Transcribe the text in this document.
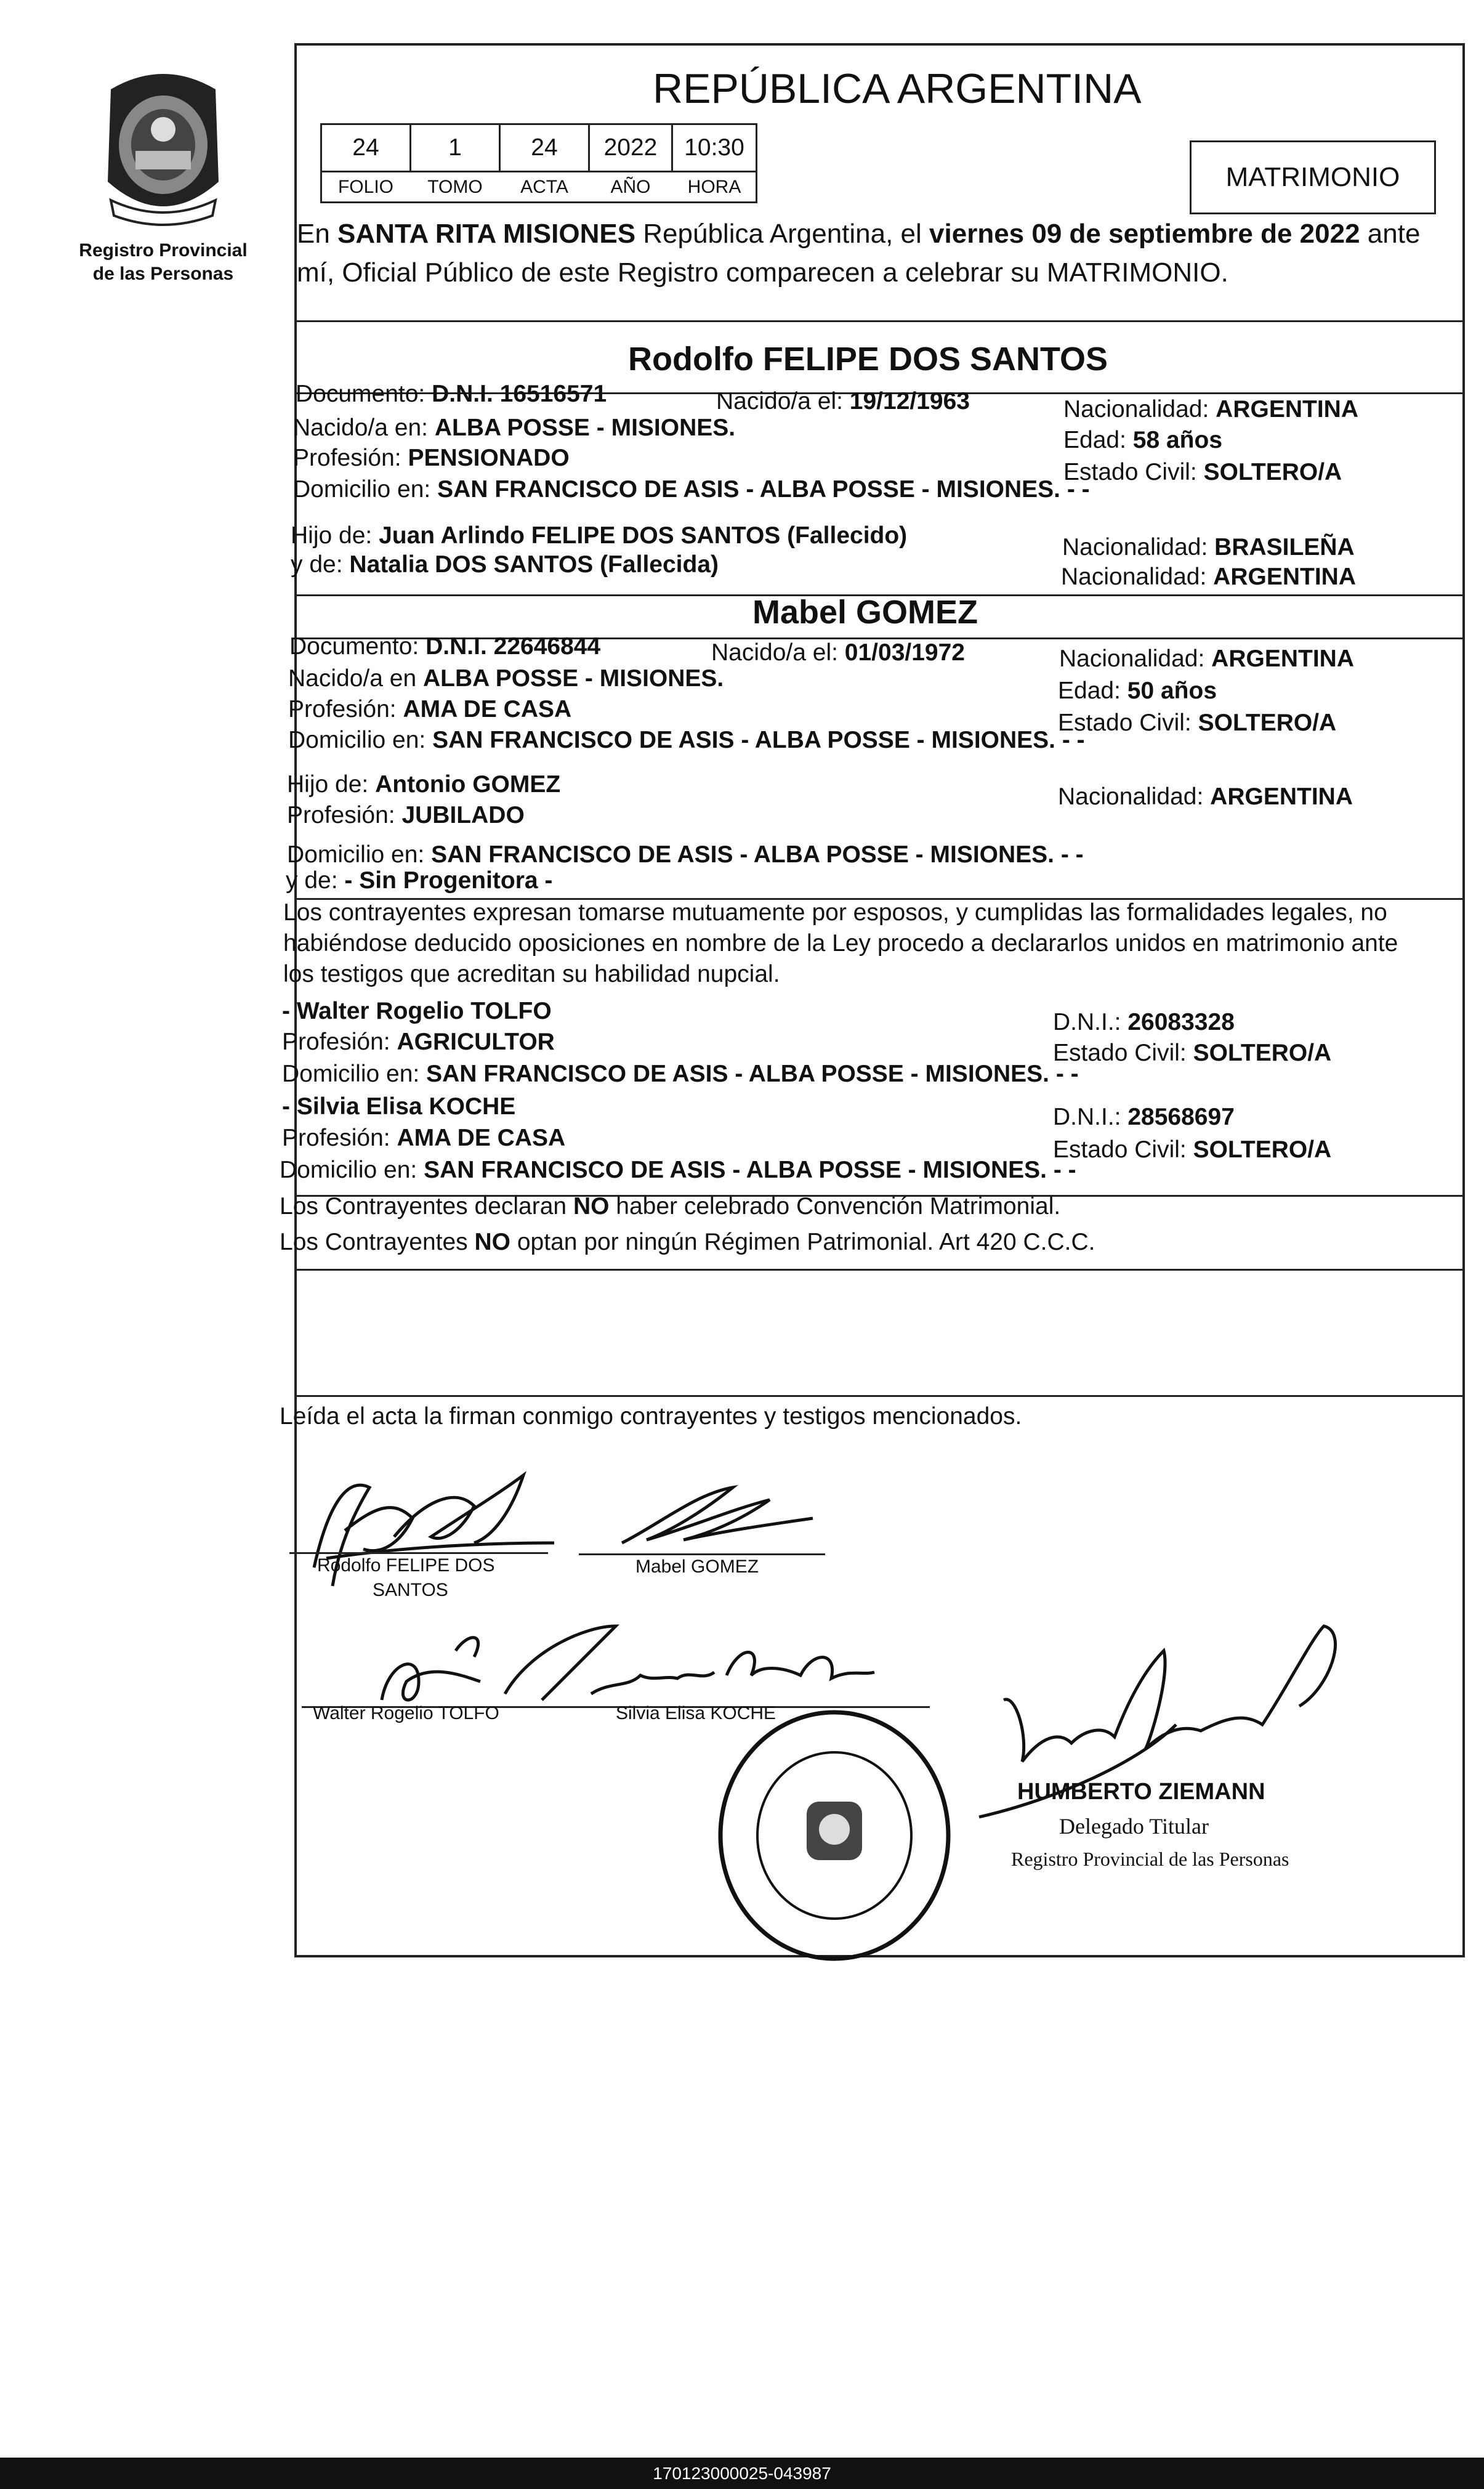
Registro Provincial
de las Personas
REPÚBLICA ARGENTINA
24	1	24	2022	10:30
FOLIO	TOMO	ACTA	AÑO	HORA	MATRIMONIO
En SANTA RITA MISIONES República Argentina, el viernes 09 de septiembre de 2022 ante
mí, Oficial Público de este Registro comparecen a celebrar su MATRIMONIO.
Rodolfo FELIPE DOS SANTOS
Documento: D.N.I. 16516571	Nacido/a el: 19/12/1963	Nacionalidad: ARGENTINA
Nacido/a en: ALBA POSSE - MISIONES.	Edad: 58 años
Profesión: PENSIONADO
Estado Civil: SOLTERO/A
Domicilio en: SAN FRANCISCO DE ASIS - ALBA POSSE - MISIONES. - -
Hijo de: Juan Arlindo FELIPE DOS SANTOS (Fallecido)	Nacionalidad: BRASILEÑA
y de: Natalia DOS SANTOS (Fallecida)	Nacionalidad: ARGENTINA
Mabel GOMEZ
Documento: D.N.I. 22646844	Nacido/a el: 01/03/1972	Nacionalidad: ARGENTINA
Nacido/a en ALBA POSSE - MISIONES.	Edad: 50 años
Profesión: AMA DE CASA
Estado Civil: SOLTERO/A
Domicilio en: SAN FRANCISCO DE ASIS - ALBA POSSE - MISIONES. - -
Hijo de: Antonio GOMEZ	Nacionalidad: ARGENTINA
Profesión: JUBILADO
Domicilio en: SAN FRANCISCO DE ASIS - ALBA POSSE - MISIONES. - -
y de: - Sin Progenitora -
Los contrayentes expresan tomarse mutuamente por esposos, y cumplidas las formalidades legales, no
habiéndose deducido oposiciones en nombre de la Ley procedo a declararlos unidos en matrimonio ante
los testigos que acreditan su habilidad nupcial.
- Walter Rogelio TOLFO	D.N.I.: 26083328
Profesión: AGRICULTOR	Estado Civil: SOLTERO/A
Domicilio en: SAN FRANCISCO DE ASIS - ALBA POSSE - MISIONES. - -
- Silvia Elisa KOCHE	D.N.I.: 28568697
Profesión: AMA DE CASA	Estado Civil: SOLTERO/A
Domicilio en: SAN FRANCISCO DE ASIS - ALBA POSSE - MISIONES. - -
Los Contrayentes declaran NO haber celebrado Convención Matrimonial.
Los Contrayentes NO optan por ningún Régimen Patrimonial. Art 420 C.C.C.
Leída el acta la firman conmigo contrayentes y testigos mencionados.
Rodolfo FELIPE DOS
SANTOS
Mabel GOMEZ
Walter Rogelio TOLFO	Silvia Elisa KOCHE
HUMBERTO ZIEMANN
Delegado Titular
Registro Provincial de las Personas
170123000025-043987
